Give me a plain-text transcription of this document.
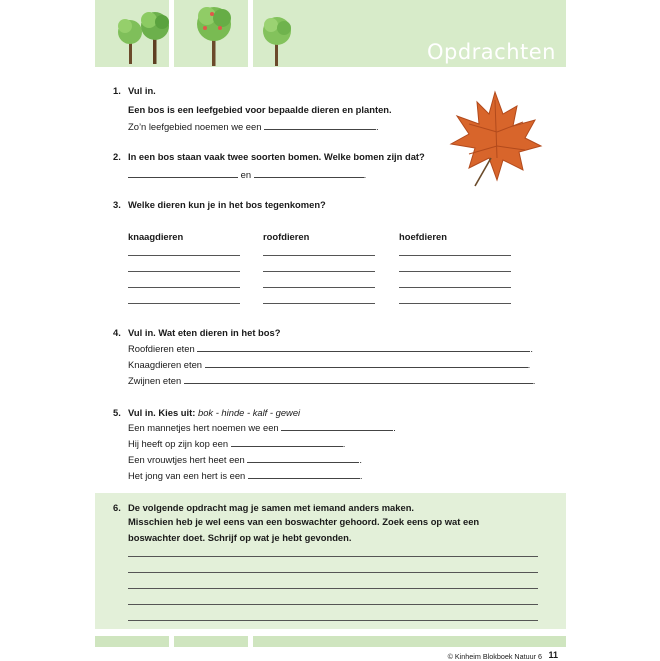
Opdrachten
1. Vul in.
Een bos is een leefgebied voor bepaalde dieren en planten.
Zo’n leefgebied noemen we een	.
2. In een bos staan vaak twee soorten bomen. Welke bomen zijn dat?
en	.
3. Welke dieren kun je in het bos tegenkomen?
knaagdieren	roofdieren	hoefdieren
4. Vul in. Wat eten dieren in het bos?
Roofdieren eten	.
Knaagdieren eten	.
Zwijnen eten	.
5. Vul in. Kies uit: bok - hinde - kalf - gewei
Een mannetjes hert noemen we een	.
Hij heeft op zijn kop een	.
Een vrouwtjes hert heet een	.
Het jong van een hert is een	.
6. De volgende opdracht mag je samen met iemand anders maken.
Misschien heb je wel eens van een boswachter gehoord. Zoek eens op wat een
boswachter doet. Schrijf op wat je hebt gevonden.
© Kinheim Blokboek Natuur 6 11
